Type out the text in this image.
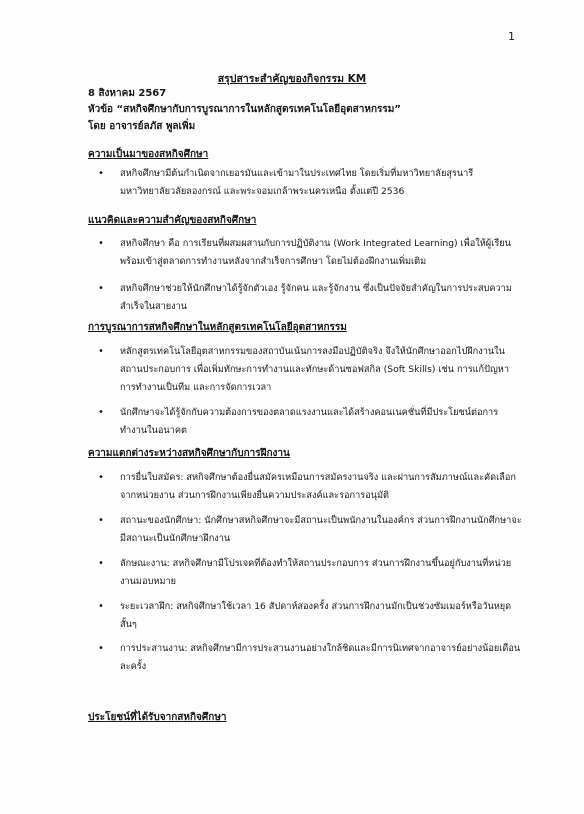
1
สรุปสาระสำคัญของกิจกรรม KM
8 สิงหาคม 2567
หัวข้อ “สหกิจศึกษากับการบูรณาการในหลักสูตรเทคโนโลยีอุตสาหกรรม”
โดย อาจารย์ลภัส พูลเพิ่ม
ความเป็นมาของสหกิจศึกษา
• สหกิจศึกษามีต้นกำเนิดจากเยอรมันและเข้ามาในประเทศไทย โดยเริ่มที่มหาวิทยาลัยสุรนารี มหาวิทยาลัยวลัยลองกรณ์ และพระจอมเกล้าพระนครเหนือ ตั้งแต่ปี 2536
แนวคิดและความสำคัญของสหกิจศึกษา
• สหกิจศึกษา คือ การเรียนที่ผสมผสานกับการปฏิบัติงาน (Work Integrated Learning) เพื่อให้ผู้เรียนพร้อมเข้าสู่ตลาดการทำงานหลังจากสำเร็จการศึกษา โดยไม่ต้องฝึกงานเพิ่มเติม
• สหกิจศึกษาช่วยให้นักศึกษาได้รู้จักตัวเอง รู้จักคน และรู้จักงาน ซึ่งเป็นปัจจัยสำคัญในการประสบความสำเร็จในสายงาน
การบูรณาการสหกิจศึกษาในหลักสูตรเทคโนโลยีอุตสาหกรรม
• หลักสูตรเทคโนโลยีอุตสาหกรรมของสถาบันเน้นการลงมือปฏิบัติจริง จึงให้นักศึกษาออกไปฝึกงานในสถานประกอบการ เพื่อเพิ่มทักษะการทำงานและทักษะด้านซอฟสกิล (Soft Skills) เช่น การแก้ปัญหา การทำงานเป็นทีม และการจัดการเวลา
• นักศึกษาจะได้รู้จักกับความต้องการของตลาดแรงงานและได้สร้างคอนเนคชั่นที่มีประโยชน์ต่อการทำงานในอนาคต
ความแตกต่างระหว่างสหกิจศึกษากับการฝึกงาน
• การยื่นใบสมัคร: สหกิจศึกษาต้องยื่นสมัครเหมือนการสมัครงานจริง และผ่านการสัมภาษณ์และคัดเลือกจากหน่วยงาน ส่วนการฝึกงานเพียงยื่นความประสงค์และรอการอนุมัติ
• สถานะของนักศึกษา: นักศึกษาสหกิจศึกษาจะมีสถานะเป็นพนักงานในองค์กร ส่วนการฝึกงานนักศึกษาจะมีสถานะเป็นนักศึกษาฝึกงาน
• ลักษณะงาน: สหกิจศึกษามีโปรเจคที่ต้องทำให้สถานประกอบการ ส่วนการฝึกงานขึ้นอยู่กับงานที่หน่วยงานมอบหมาย
• ระยะเวลาฝึก: สหกิจศึกษาใช้เวลา 16 สัปดาห์สองครั้ง ส่วนการฝึกงานมักเป็นช่วงซัมเมอร์หรือวันหยุดสั้นๆ
• การประสานงาน: สหกิจศึกษามีการประสานงานอย่างใกล้ชิดและมีการนิเทศจากอาจารย์อย่างน้อยเดือนละครั้ง
ประโยชน์ที่ได้รับจากสหกิจศึกษา
